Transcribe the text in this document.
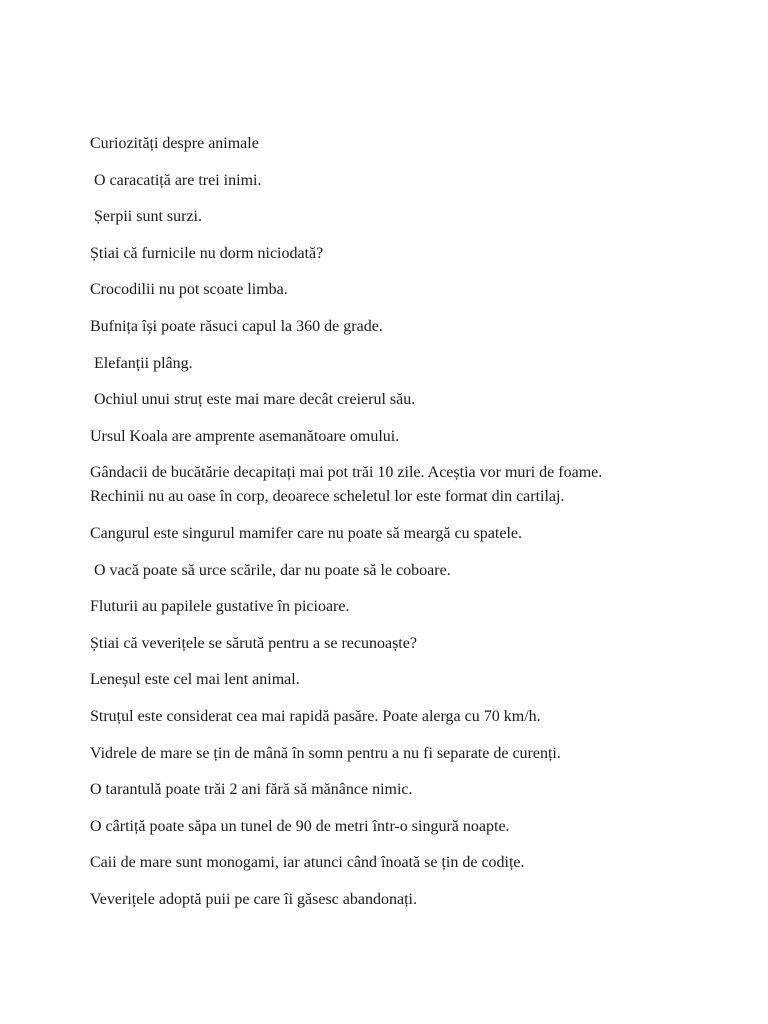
Curiozități despre animale

O caracatiță are trei inimi.

Șerpii sunt surzi.

Știai că furnicile nu dorm niciodată?

Crocodilii nu pot scoate limba.

Bufnița își poate răsuci capul la 360 de grade.

Elefanții plâng.

Ochiul unui struț este mai mare decât creierul său.

Ursul Koala are amprente asemanătoare omului.

Gândacii de bucătărie decapitați mai pot trăi 10 zile. Aceștia vor muri de foame.

Rechinii nu au oase în corp, deoarece scheletul lor este format din cartilaj.

Cangurul este singurul mamifer care nu poate să meargă cu spatele.

O vacă poate să urce scările, dar nu poate să le coboare.

Fluturii au papilele gustative în picioare.

Știai că veverițele se sărută pentru a se recunoaște?

Leneșul este cel mai lent animal.

Struțul este considerat cea mai rapidă pasăre. Poate alerga cu 70 km/h.

Vidrele de mare se țin de mână în somn pentru a nu fi separate de curenți.

O tarantulă poate trăi 2 ani fără să mănânce nimic.

O cârtiță poate săpa un tunel de 90 de metri într-o singură noapte.

Caii de mare sunt monogami, iar atunci când înoată se țin de codițe.

Veverițele adoptă puii pe care îi găsesc abandonați.
